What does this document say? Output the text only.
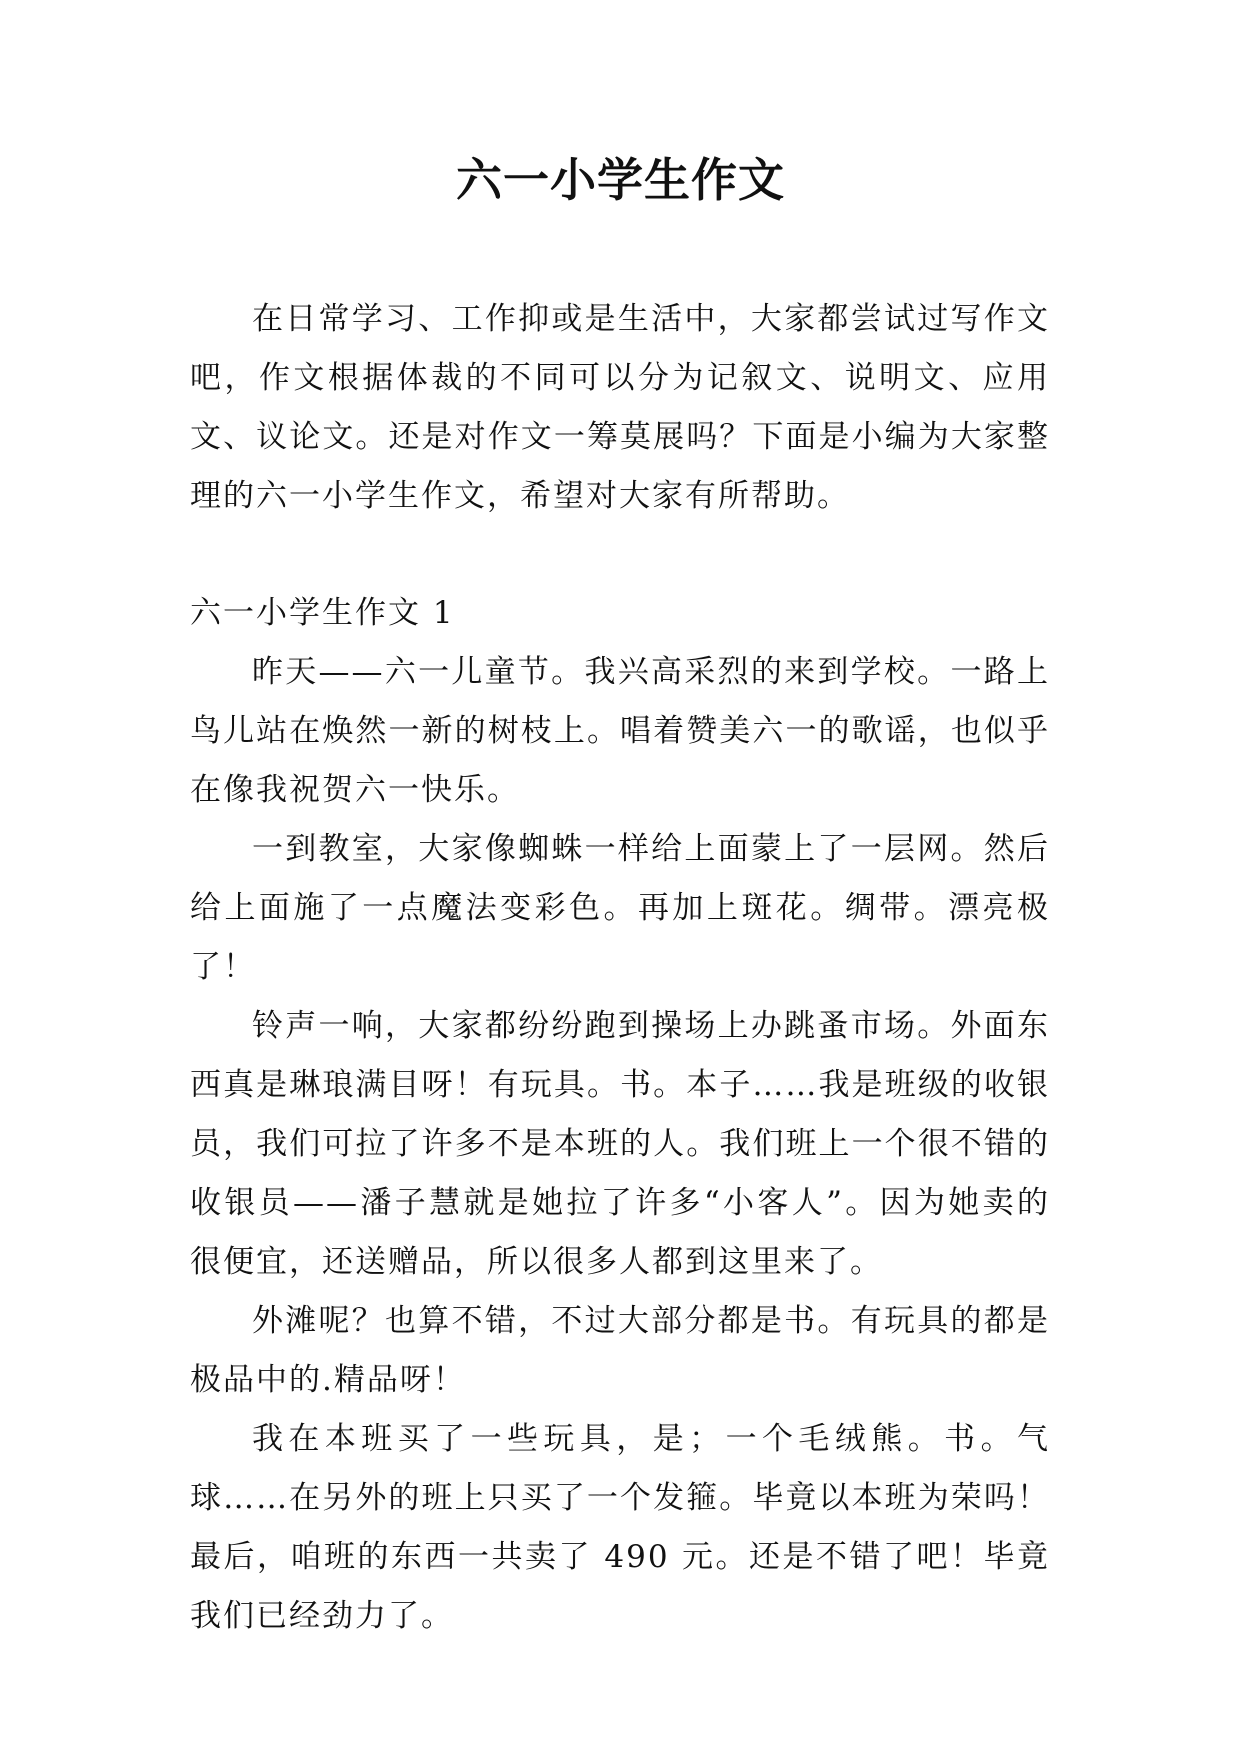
六一小学生作文

在日常学习、工作抑或是生活中，大家都尝试过写作文吧，作文根据体裁的不同可以分为记叙文、说明文、应用文、议论文。还是对作文一筹莫展吗？下面是小编为大家整理的六一小学生作文，希望对大家有所帮助。

六一小学生作文 1

昨天——六一儿童节。我兴高采烈的来到学校。一路上鸟儿站在焕然一新的树枝上。唱着赞美六一的歌谣，也似乎在像我祝贺六一快乐。

一到教室，大家像蜘蛛一样给上面蒙上了一层网。然后给上面施了一点魔法变彩色。再加上斑花。绸带。漂亮极了！

铃声一响，大家都纷纷跑到操场上办跳蚤市场。外面东西真是琳琅满目呀！有玩具。书。本子……我是班级的收银员，我们可拉了许多不是本班的人。我们班上一个很不错的收银员——潘子慧就是她拉了许多“小客人”。因为她卖的很便宜，还送赠品，所以很多人都到这里来了。

外滩呢？也算不错，不过大部分都是书。有玩具的都是极品中的.精品呀！

我在本班买了一些玩具，是；一个毛绒熊。书。气球……在另外的班上只买了一个发箍。毕竟以本班为荣吗！最后，咱班的东西一共卖了 490 元。还是不错了吧！毕竟我们已经劲力了。
